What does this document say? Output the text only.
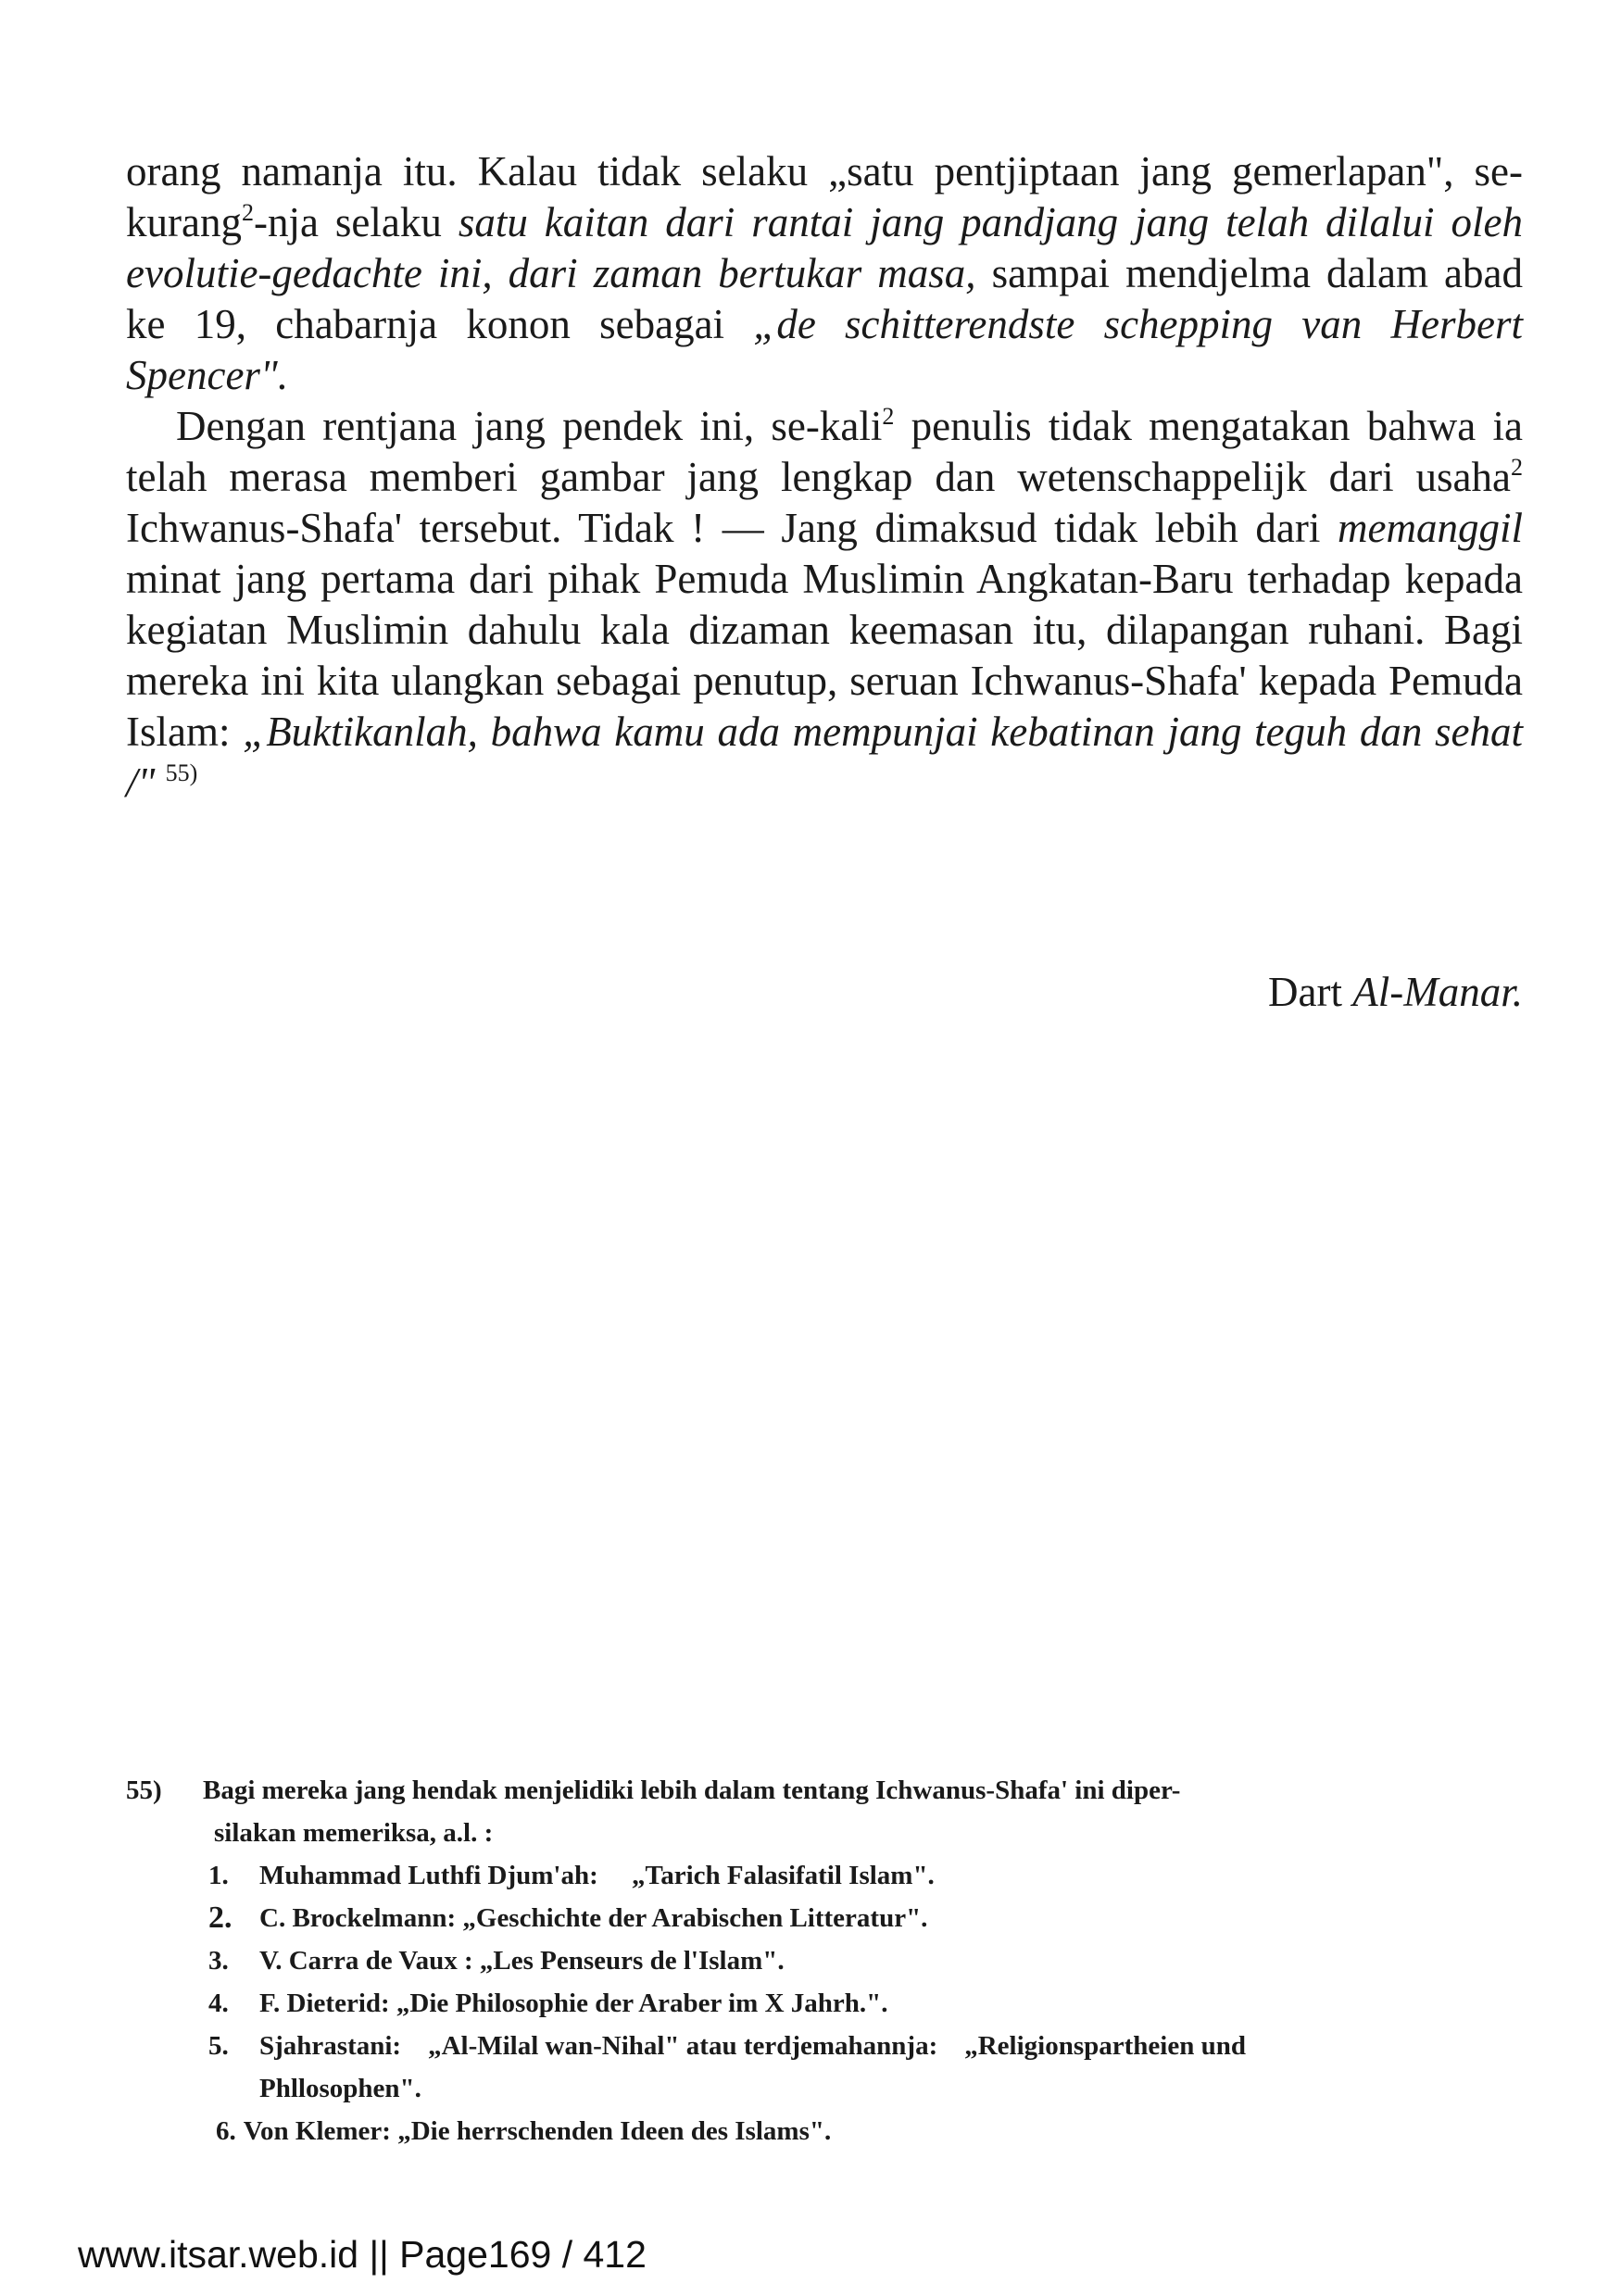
orang namanja itu. Kalau tidak selaku „satu pentjiptaan jang gemerlapan", se-kurang$^2$-nja selaku satu kaitan dari rantai jang pandjang jang telah dilalui oleh evolutie-gedachte ini, dari zaman bertukar masa, sampai mendjelma dalam abad ke 19, chabarnja konon sebagai „de schitterendste schepping van Herbert Spencer".

Dengan rentjana jang pendek ini, se-kali$^2$ penulis tidak mengatakan bahwa ia telah merasa memberi gambar jang lengkap dan wetenschappelijk dari usaha$^2$ Ichwanus-Shafa' tersebut. Tidak ! — Jang dimaksud tidak lebih dari memanggil minat jang pertama dari pihak Pemuda Muslimin Angkatan-Baru terhadap kepada kegiatan Muslimin dahulu kala dizaman keemasan itu, dilapangan ruhani. Bagi mereka ini kita ulangkan sebagai penutup, seruan Ichwanus-Shafa' kepada Pemuda Islam: „Buktikanlah, bahwa kamu ada mempunjai kebatinan jang teguh dan sehat /" $^{55)}$

Dart Al-Manar.
55)	Bagi mereka jang hendak menjelidiki lebih dalam tentang Ichwanus-Shafa' ini diper-
silakan memeriksa, a.l. :
1.	Muhammad Luthfi Djum'ah:     „Tarich Falasifatil Islam".
2.	C. Brockelmann: „Geschichte der Arabischen Litteratur".
3.	V. Carra de Vaux : „Les Penseurs de l'Islam".
4.	F. Dieterid: „Die Philosophie der Araber im X Jahrh.".
5.	Sjahrastani:    „Al-Milal wan-Nihal" atau terdjemahannja:    „Religionspartheien und Phllosophen".
6. Von Klemer: „Die herrschenden Ideen des Islams".
www.itsar.web.id || Page169 / 412
